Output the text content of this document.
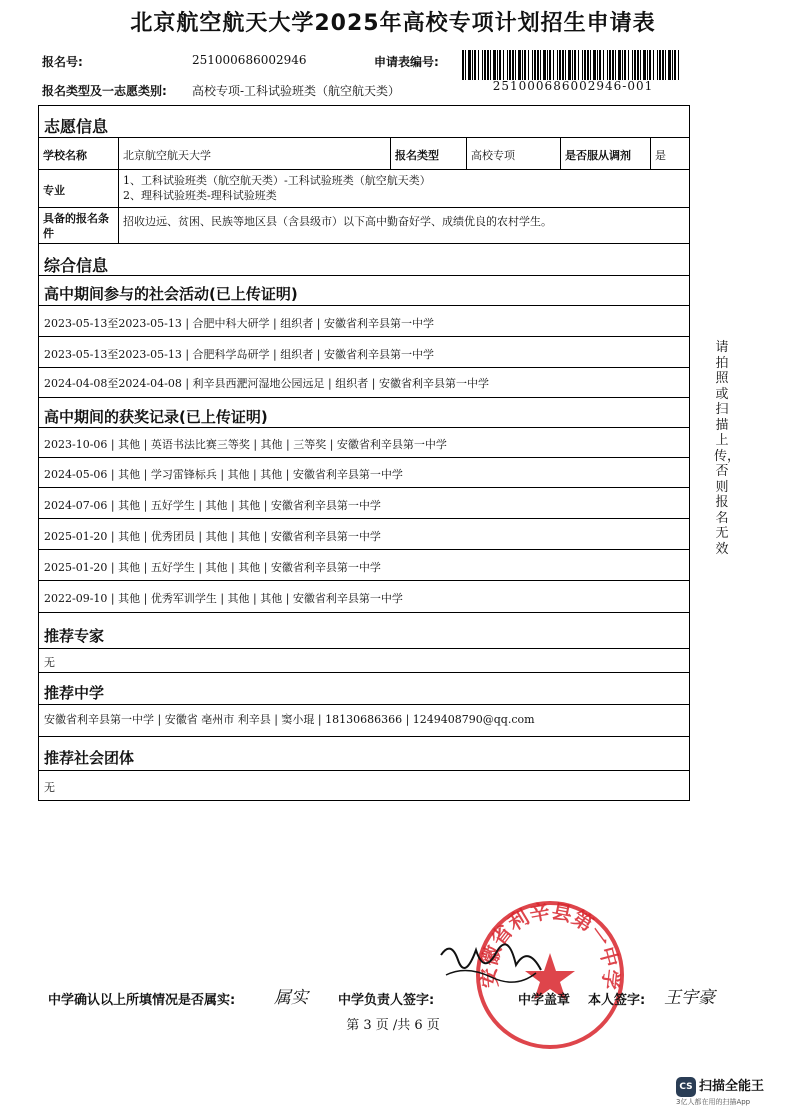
北京航空航天大学2025年高校专项计划招生申请表
报名号:	251000686002946	申请表编号:
251000686002946-001
报名类型及一志愿类别: 高校专项-工科试验班类（航空航天类）
志愿信息
学校名称	北京航空航天大学	报名类型	高校专项	是否服从调剂	是
专业
1、工科试验班类（航空航天类）-工科试验班类（航空航天类）
2、理科试验班类-理科试验班类
具备的报名条件
招收边远、贫困、民族等地区县（含县级市）以下高中勤奋好学、成绩优良的农村学生。
综合信息
高中期间参与的社会活动(已上传证明)
2023-05-13至2023-05-13 | 合肥中科大研学 | 组织者 | 安徽省利辛县第一中学
2023-05-13至2023-05-13 | 合肥科学岛研学 | 组织者 | 安徽省利辛县第一中学
2024-04-08至2024-04-08 | 利辛县西淝河湿地公园远足 | 组织者 | 安徽省利辛县第一中学
高中期间的获奖记录(已上传证明)
2023-10-06 | 其他 | 英语书法比赛三等奖 | 其他 | 三等奖 | 安徽省利辛县第一中学
2024-05-06 | 其他 | 学习雷锋标兵 | 其他 | 其他 | 安徽省利辛县第一中学
2024-07-06 | 其他 | 五好学生 | 其他 | 其他 | 安徽省利辛县第一中学
2025-01-20 | 其他 | 优秀团员 | 其他 | 其他 | 安徽省利辛县第一中学
2025-01-20 | 其他 | 五好学生 | 其他 | 其他 | 安徽省利辛县第一中学
2022-09-10 | 其他 | 优秀军训学生 | 其他 | 其他 | 安徽省利辛县第一中学
推荐专家
无
推荐中学
安徽省利辛县第一中学 | 安徽省 亳州市 利辛县 | 窦小琨 | 18130686366 | 1249408790@qq.com
推荐社会团体
无
请拍照或扫描上传，否则报名无效
安徽省利辛县第一中学
中学确认以上所填情况是否属实: 属实 中学负责人签字:	中学盖章 本人签字: 王宇豪
第 3 页 /共 6 页
CS 扫描全能王
3亿人都在用的扫描App
